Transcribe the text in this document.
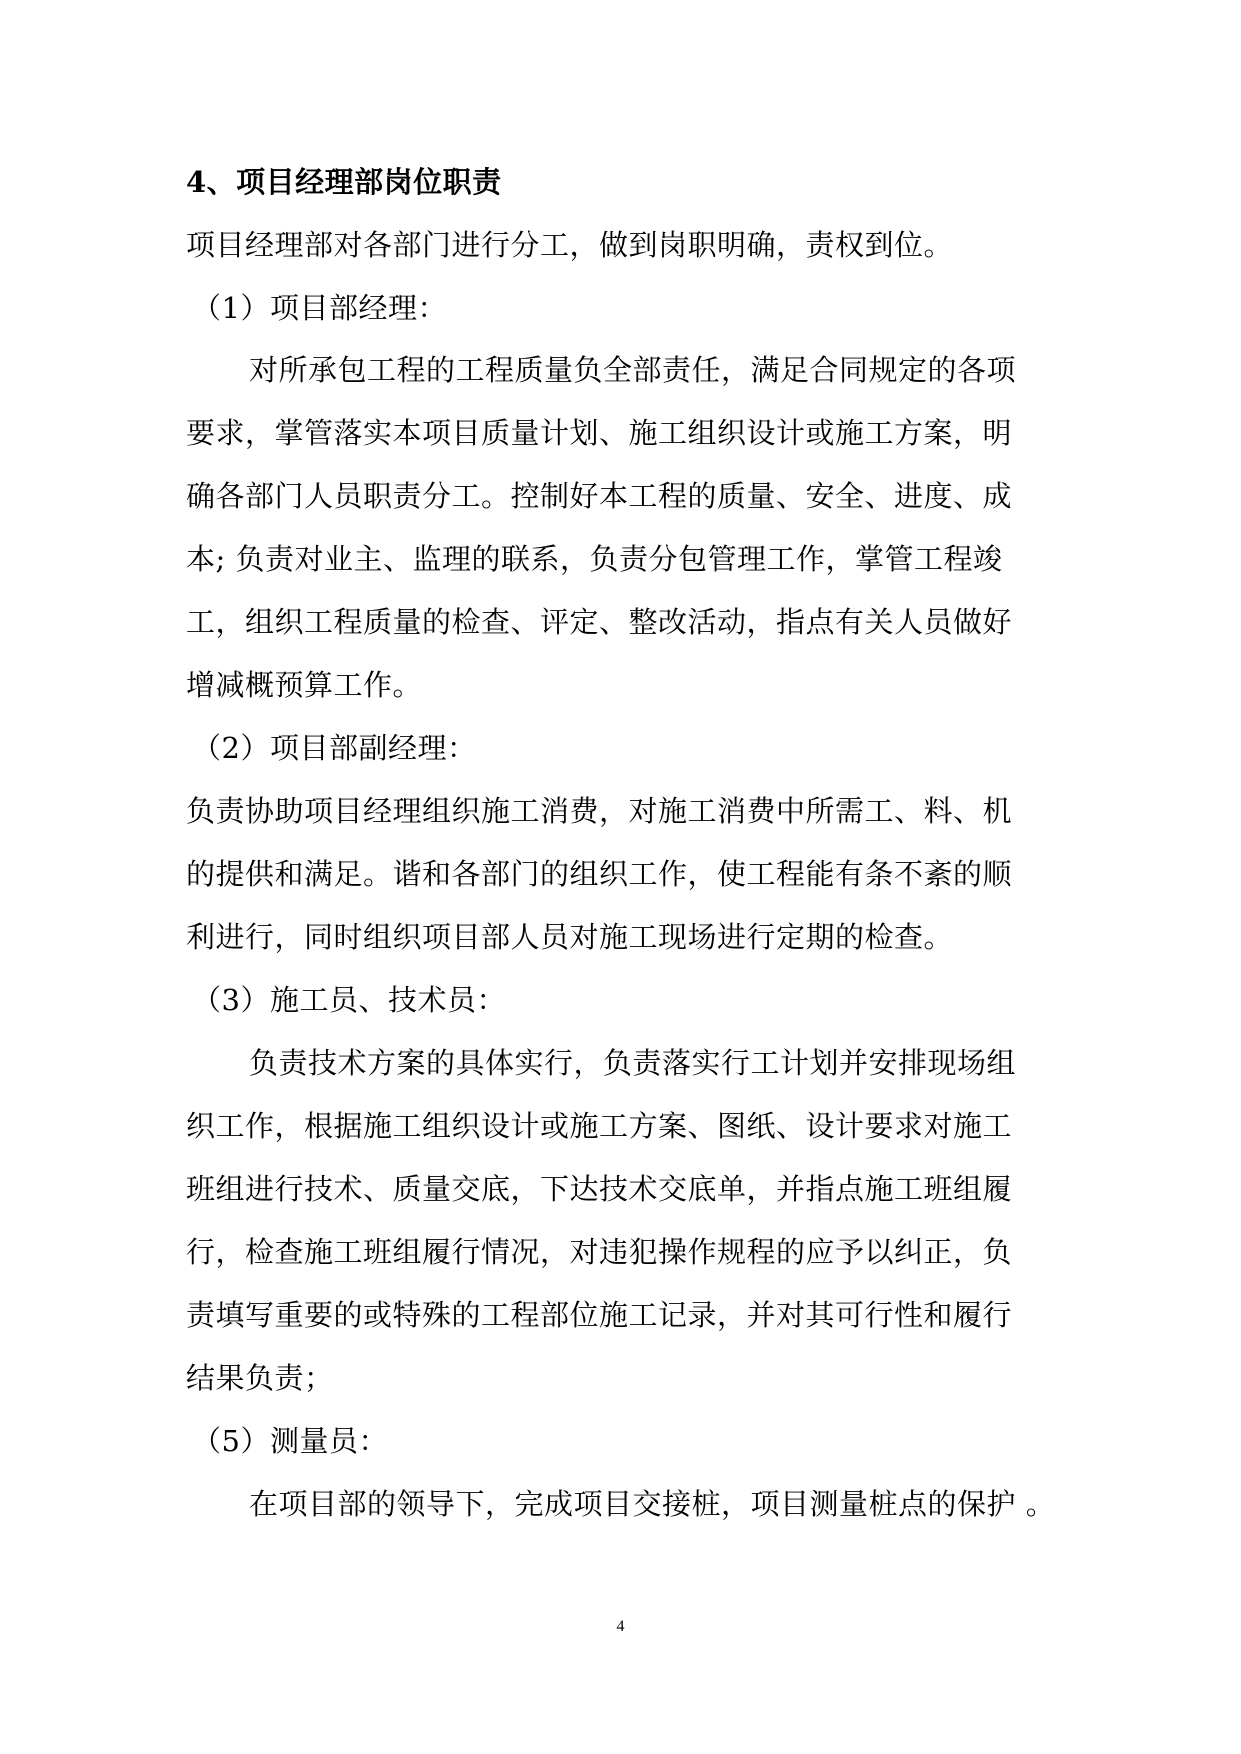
4、项目经理部岗位职责
项目经理部对各部门进行分工，做到岗职明确，责权到位。
（1）项目部经理：
对所承包工程的工程质量负全部责任，满足合同规定的各项
要求，掌管落实本项目质量计划、施工组织设计或施工方案，明
确各部门人员职责分工。控制好本工程的质量、安全、进度、成
本; 负责对业主、监理的联系，负责分包管理工作，掌管工程竣
工，组织工程质量的检查、评定、整改活动，指点有关人员做好
增减概预算工作。
（2）项目部副经理：
负责协助项目经理组织施工消费，对施工消费中所需工、料、机
的提供和满足。谐和各部门的组织工作，使工程能有条不紊的顺
利进行，同时组织项目部人员对施工现场进行定期的检查。
（3）施工员、技术员：
负责技术方案的具体实行，负责落实行工计划并安排现场组
织工作，根据施工组织设计或施工方案、图纸、设计要求对施工
班组进行技术、质量交底，下达技术交底单，并指点施工班组履
行，检查施工班组履行情况，对违犯操作规程的应予以纠正，负
责填写重要的或特殊的工程部位施工记录，并对其可行性和履行
结果负责；
（5）测量员：
在项目部的领导下，完成项目交接桩，项目测量桩点的保护 。
4
